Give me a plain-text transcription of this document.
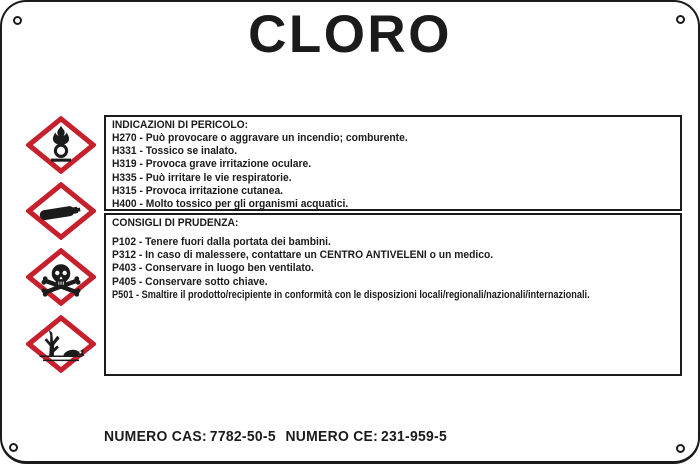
CLORO
INDICAZIONI DI PERICOLO:
H270 - Può provocare o aggravare un incendio; comburente.
H331 - Tossico se inalato.
H319 - Provoca grave irritazione oculare.
H335 - Può irritare le vie respiratorie.
H315 - Provoca irritazione cutanea.
H400 - Molto tossico per gli organismi acquatici.
CONSIGLI DI PRUDENZA:
P102 - Tenere fuori dalla portata dei bambini.
P312 - In caso di malessere, contattare un CENTRO ANTIVELENI o un medico.
P403 - Conservare in luogo ben ventilato.
P405 - Conservare sotto chiave.
P501 - Smaltire il prodotto/recipiente in conformità con le disposizioni locali/regionali/nazionali/internazionali.
NUMERO CAS: 7782-50-5 NUMERO CE: 231-959-5
